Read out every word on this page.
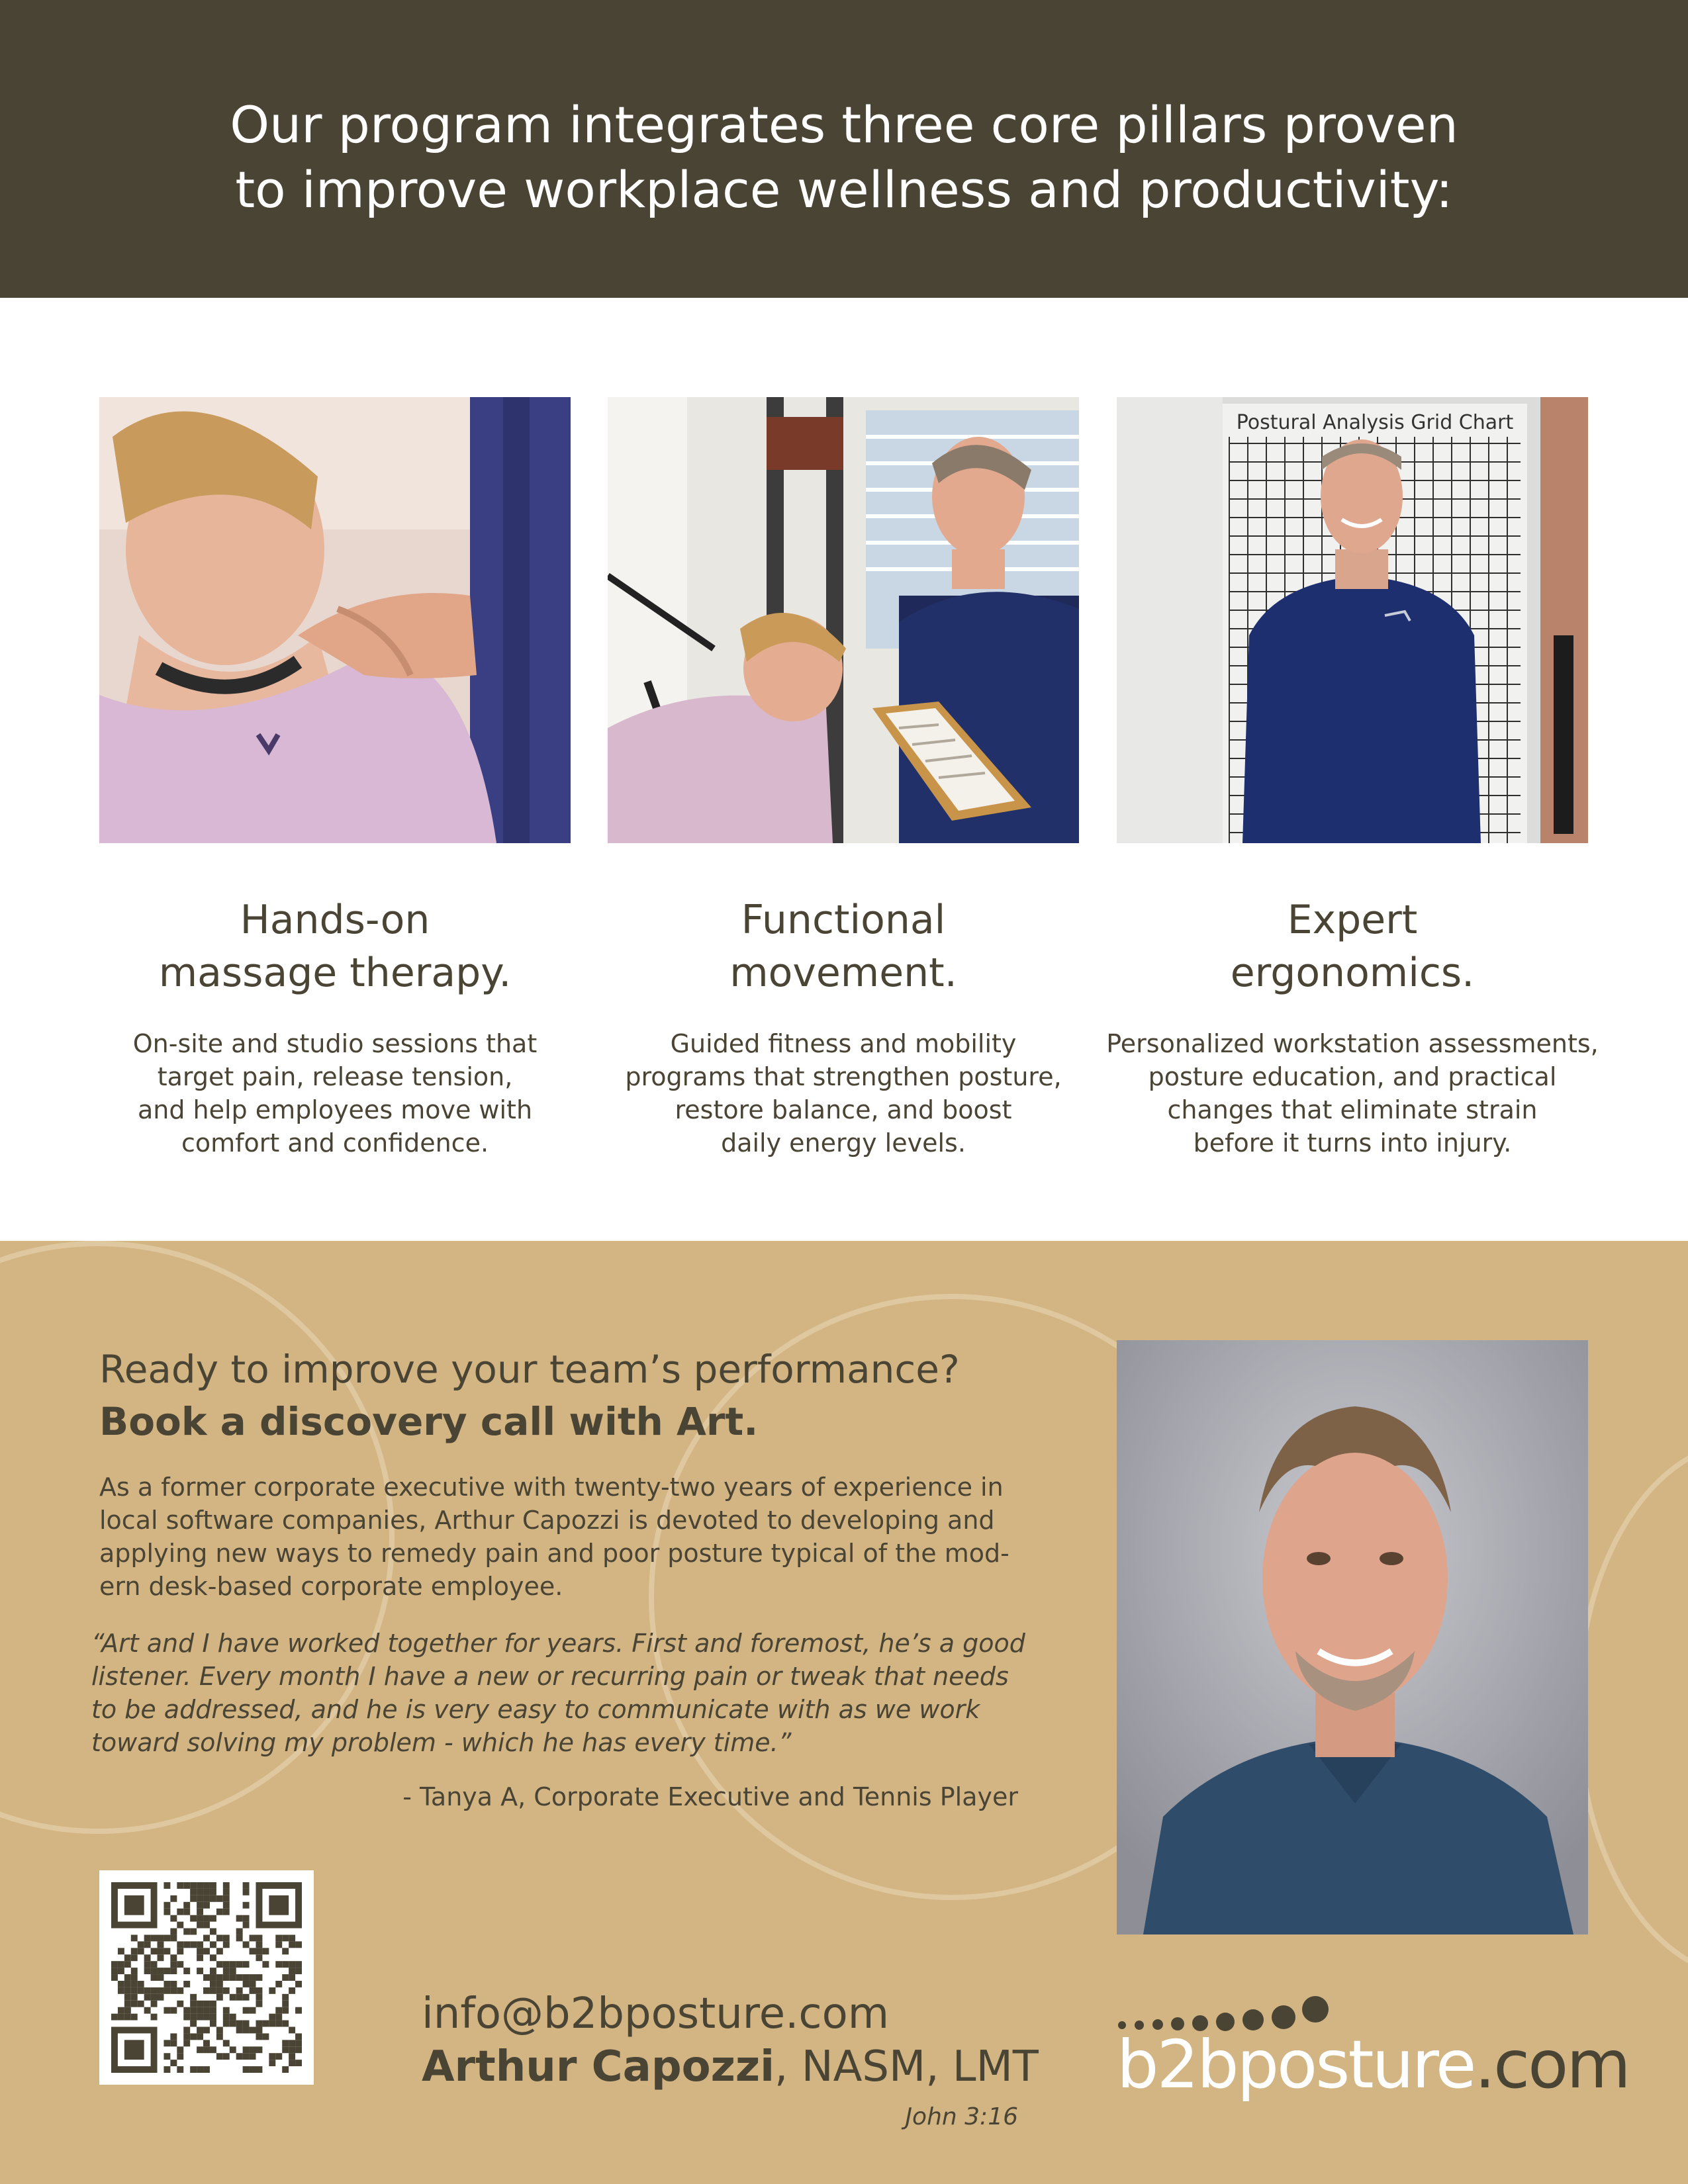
Our program integrates three core pillars proven
to improve workplace wellness and productivity:
Postural Analysis Grid Chart
Hands-on
massage therapy.

On-site and studio sessions that
target pain, release tension,
and help employees move with
comfort and confidence.

Functional
movement.

Guided fitness and mobility
programs that strengthen posture,
restore balance, and boost
daily energy levels.

Expert
ergonomics.

Personalized workstation assessments,
posture education, and practical
changes that eliminate strain
before it turns into injury.

Ready to improve your team’s performance?

Book a discovery call with Art.

As a former corporate executive with twenty-two years of experience in
local software companies, Arthur Capozzi is devoted to developing and
applying new ways to remedy pain and poor posture typical of the mod-
ern desk-based corporate employee.

“Art and I have worked together for years. First and foremost, he’s a good
listener. Every month I have a new or recurring pain or tweak that needs
to be addressed, and he is very easy to communicate with as we work
toward solving my problem - which he has every time.”

- Tanya A, Corporate Executive and Tennis Player

info@b2bposture.com
Arthur Capozzi, NASM, LMT
John 3:16
b2bposture.com
